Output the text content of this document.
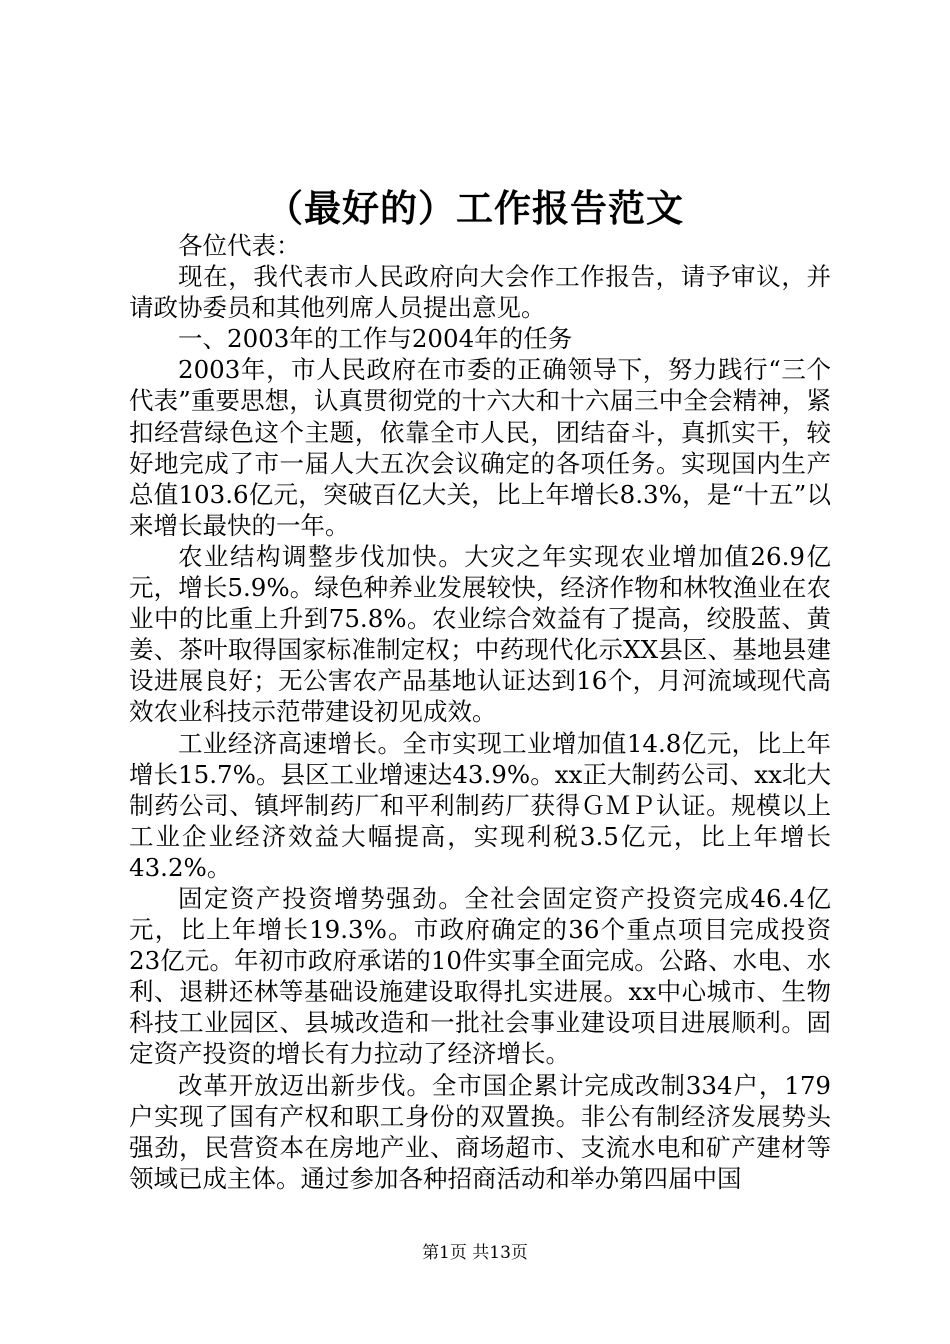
（最好的）工作报告范文

各位代表：

现在，我代表市人民政府向大会作工作报告，请予审议，并请政协委员和其他列席人员提出意见。

一、2003年的工作与2004年的任务

2003年，市人民政府在市委的正确领导下，努力践行“三个代表”重要思想，认真贯彻党的十六大和十六届三中全会精神，紧扣经营绿色这个主题，依靠全市人民，团结奋斗，真抓实干，较好地完成了市一届人大五次会议确定的各项任务。实现国内生产总值103.6亿元，突破百亿大关，比上年增长8.3%，是“十五”以来增长最快的一年。

农业结构调整步伐加快。大灾之年实现农业增加值26.9亿元，增长5.9%。绿色种养业发展较快，经济作物和林牧渔业在农业中的比重上升到75.8%。农业综合效益有了提高，绞股蓝、黄姜、茶叶取得国家标准制定权；中药现代化示XX县区、基地县建设进展良好；无公害农产品基地认证达到16个，月河流域现代高效农业科技示范带建设初见成效。

工业经济高速增长。全市实现工业增加值14.8亿元，比上年增长15.7%。县区工业增速达43.9%。xx正大制药公司、xx北大制药公司、镇坪制药厂和平利制药厂获得ＧＭＰ认证。规模以上工业企业经济效益大幅提高，实现利税3.5亿元，比上年增长43.2%。

固定资产投资增势强劲。全社会固定资产投资完成46.4亿元，比上年增长19.3%。市政府确定的36个重点项目完成投资23亿元。年初市政府承诺的10件实事全面完成。公路、水电、水利、退耕还林等基础设施建设取得扎实进展。xx中心城市、生物科技工业园区、县城改造和一批社会事业建设项目进展顺利。固定资产投资的增长有力拉动了经济增长。

改革开放迈出新步伐。全市国企累计完成改制334户，179户实现了国有产权和职工身份的双置换。非公有制经济发展势头强劲，民营资本在房地产业、商场超市、支流水电和矿产建材等领域已成主体。通过参加各种招商活动和举办第四届中国

第1页 共13页
